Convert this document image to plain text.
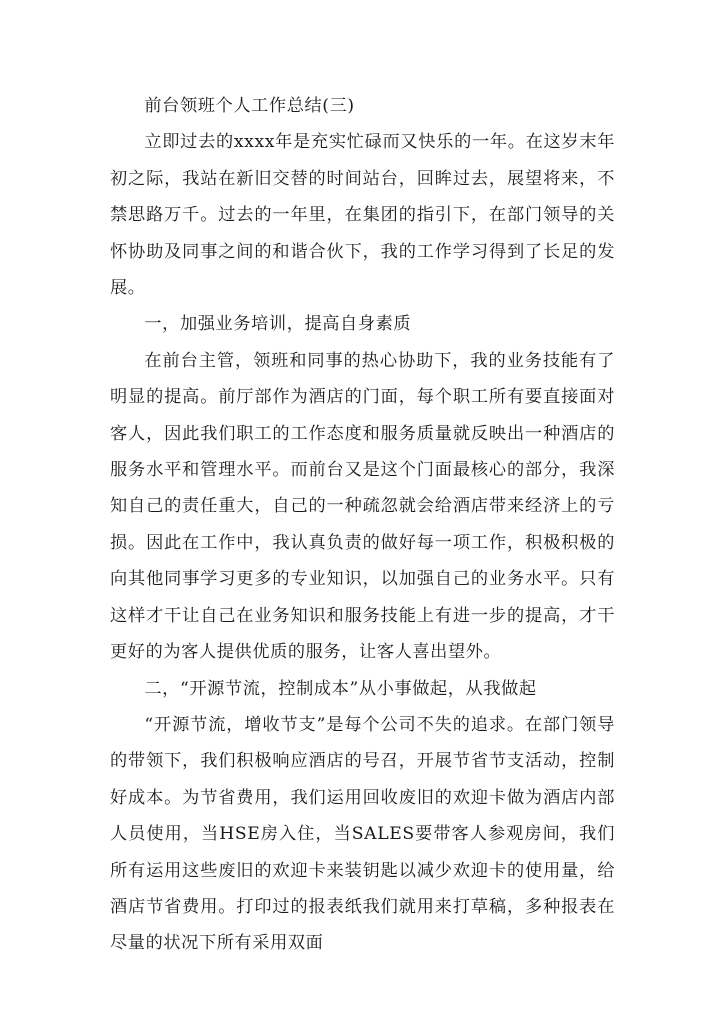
前台领班个人工作总结(三)

立即过去的xxxx年是充实忙碌而又快乐的一年。在这岁末年初之际，我站在新旧交替的时间站台，回眸过去，展望将来，不禁思路万千。过去的一年里，在集团的指引下，在部门领导的关怀协助及同事之间的和谐合伙下，我的工作学习得到了长足的发展。

一，加强业务培训，提高自身素质

在前台主管，领班和同事的热心协助下，我的业务技能有了明显的提高。前厅部作为酒店的门面，每个职工所有要直接面对客人，因此我们职工的工作态度和服务质量就反映出一种酒店的服务水平和管理水平。而前台又是这个门面最核心的部分，我深知自己的责任重大，自己的一种疏忽就会给酒店带来经济上的亏损。因此在工作中，我认真负责的做好每一项工作，积极积极的向其他同事学习更多的专业知识，以加强自己的业务水平。只有这样才干让自己在业务知识和服务技能上有进一步的提高，才干更好的为客人提供优质的服务，让客人喜出望外。

二，“开源节流，控制成本”从小事做起，从我做起

“开源节流，增收节支”是每个公司不失的追求。在部门领导的带领下，我们积极响应酒店的号召，开展节省节支活动，控制好成本。为节省费用，我们运用回收废旧的欢迎卡做为酒店内部人员使用，当HSE房入住，当SALES要带客人参观房间，我们所有运用这些废旧的欢迎卡来装钥匙以减少欢迎卡的使用量，给酒店节省费用。打印过的报表纸我们就用来打草稿，多种报表在尽量的状况下所有采用双面
